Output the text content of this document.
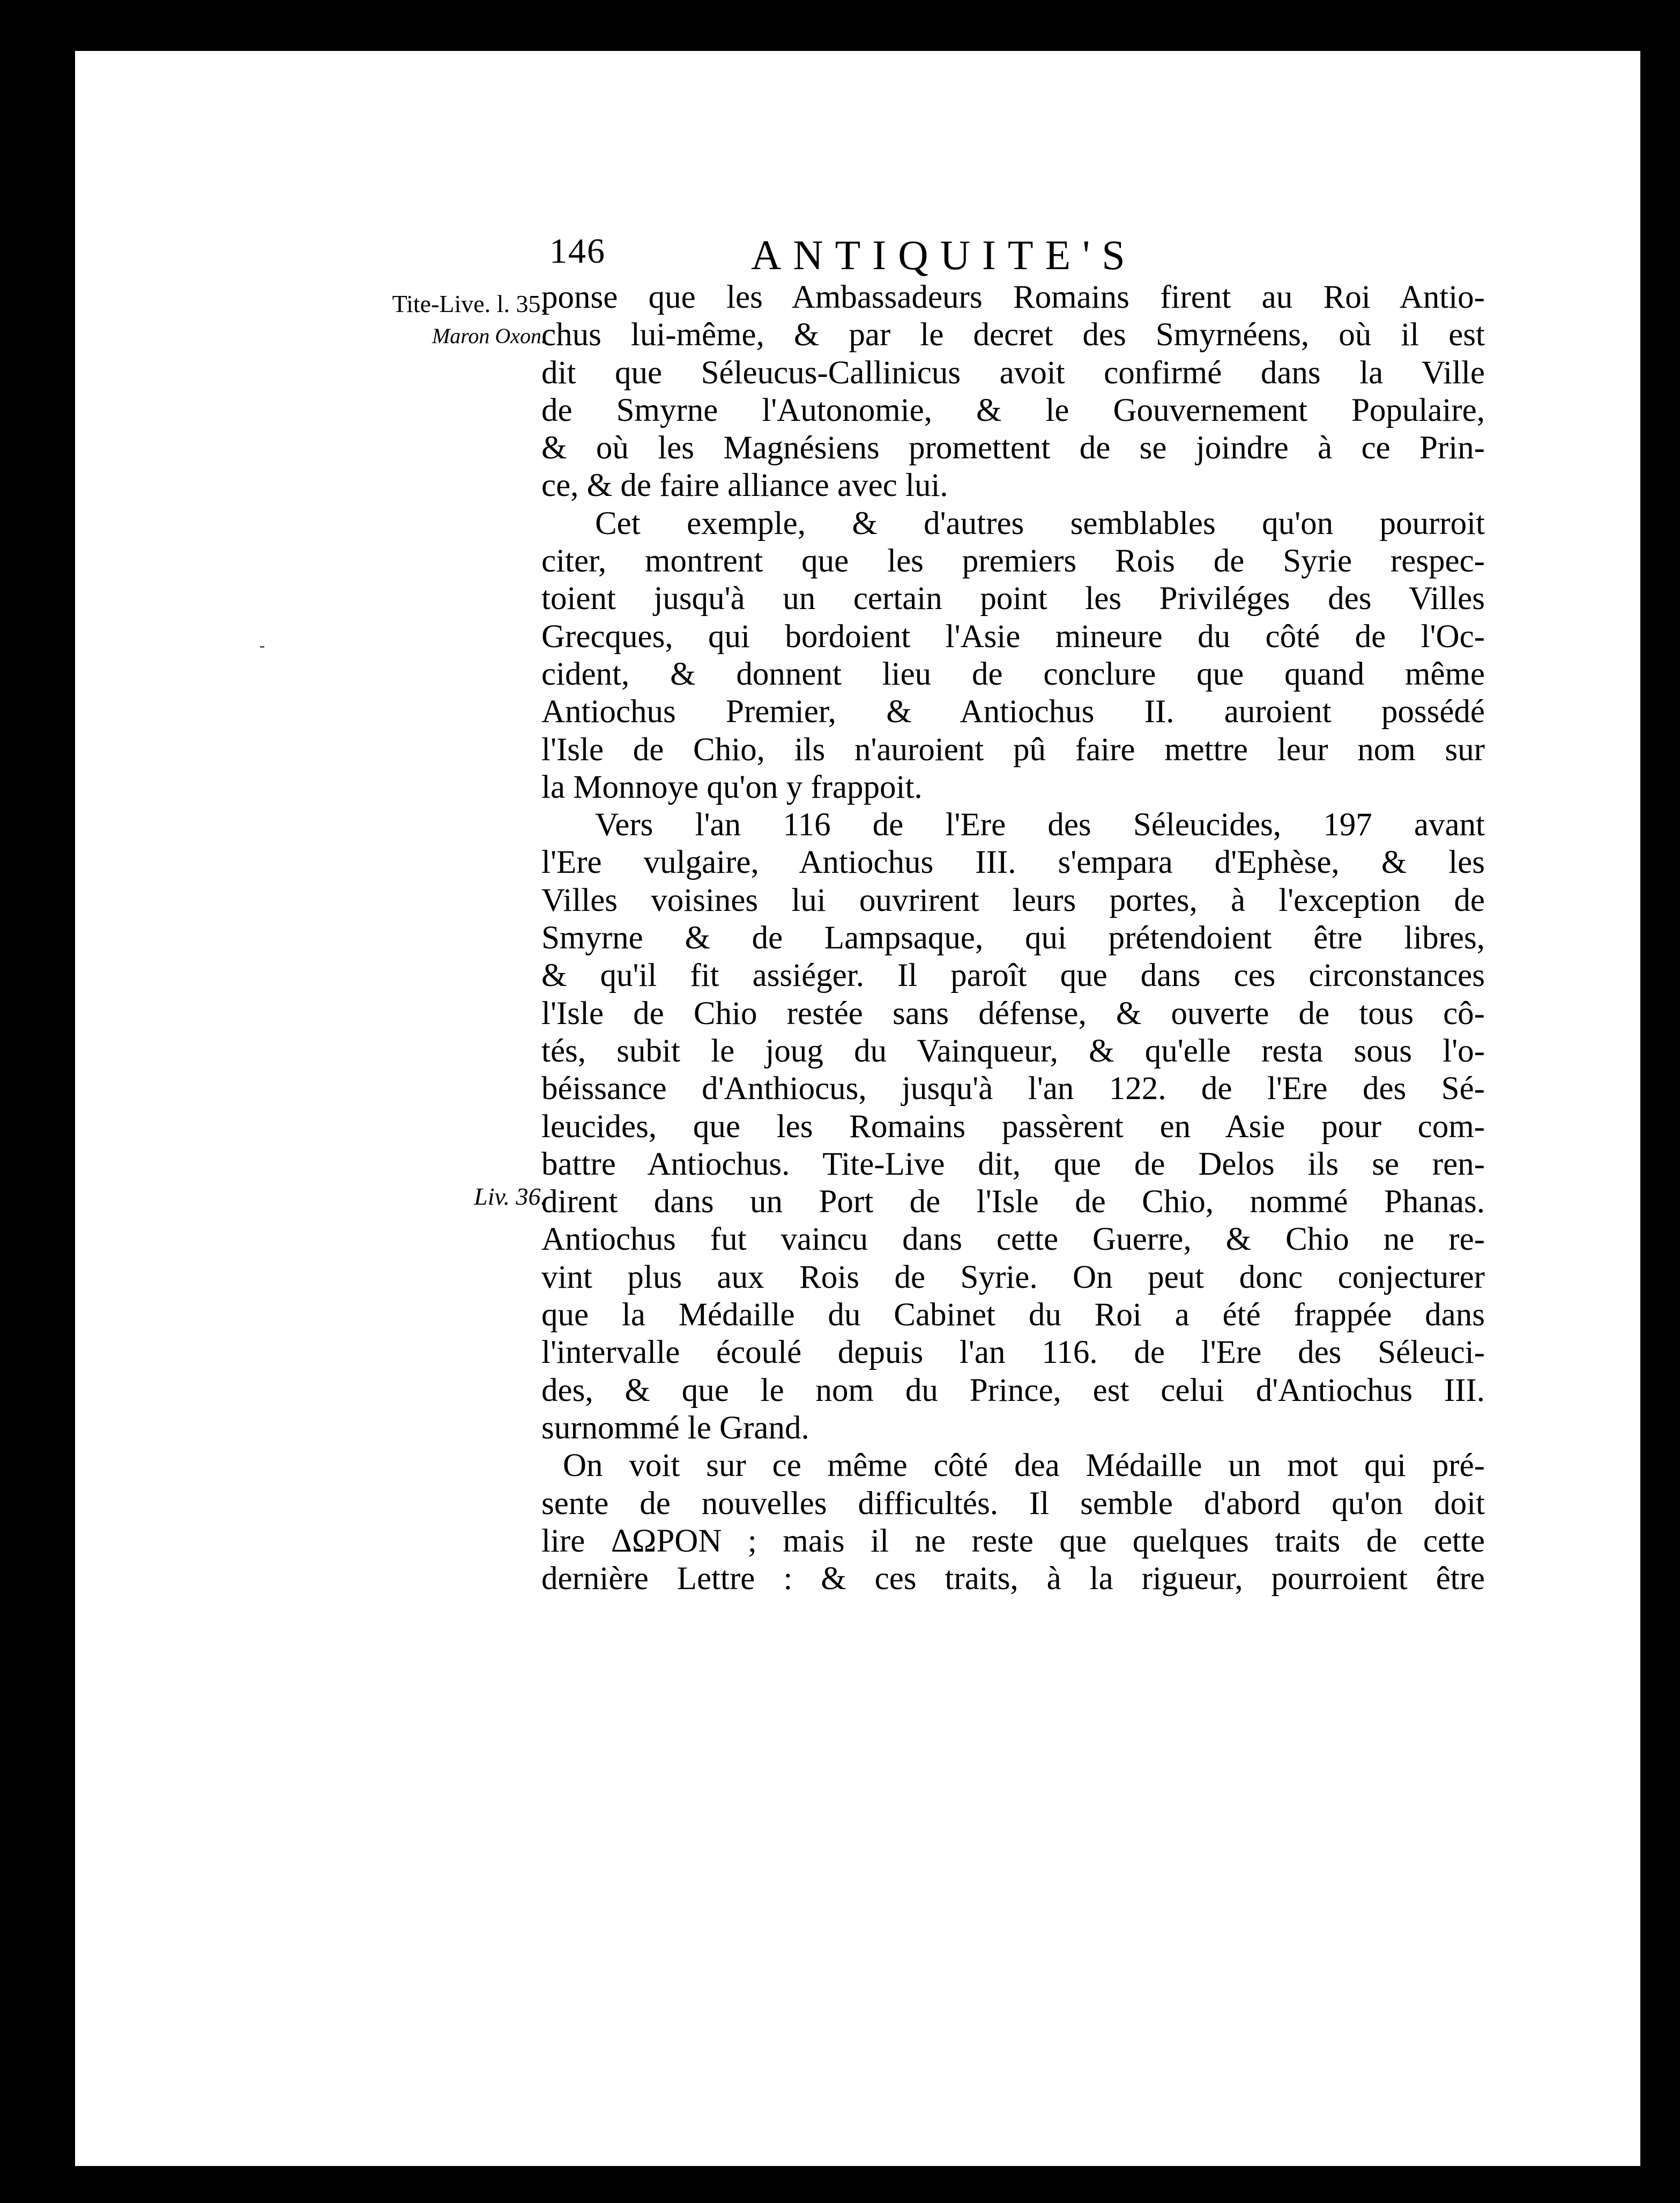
146	ANTIQUITE'S
Tite-Live. l. 35.
Maron Oxon.
Liv. 36.
ponse que les Ambassadeurs Romains firent au Roi Antio-
chus lui-même, & par le decret des Smyrnéens, où il est
dit que Séleucus-Callinicus avoit confirmé dans la Ville
de Smyrne l'Autonomie, & le Gouvernement Populaire,
& où les Magnésiens promettent de se joindre à ce Prin-
ce, & de faire alliance avec lui.
Cet exemple, & d'autres semblables qu'on pourroit
citer, montrent que les premiers Rois de Syrie respec-
toient jusqu'à un certain point les Priviléges des Villes
Grecques, qui bordoient l'Asie mineure du côté de l'Oc-
cident, & donnent lieu de conclure que quand même
Antiochus Premier, & Antiochus II. auroient possédé
l'Isle de Chio, ils n'auroient pû faire mettre leur nom sur
la Monnoye qu'on y frappoit.
Vers l'an 116 de l'Ere des Séleucides, 197 avant
l'Ere vulgaire, Antiochus III. s'empara d'Ephèse, & les
Villes voisines lui ouvrirent leurs portes, à l'exception de
Smyrne & de Lampsaque, qui prétendoient être libres,
& qu'il fit assiéger. Il paroît que dans ces circonstances
l'Isle de Chio restée sans défense, & ouverte de tous cô-
tés, subit le joug du Vainqueur, & qu'elle resta sous l'o-
béissance d'Anthiocus, jusqu'à l'an 122. de l'Ere des Sé-
leucides, que les Romains passèrent en Asie pour com-
battre Antiochus. Tite-Live dit, que de Delos ils se ren-
dirent dans un Port de l'Isle de Chio, nommé Phanas.
Antiochus fut vaincu dans cette Guerre, & Chio ne re-
vint plus aux Rois de Syrie. On peut donc conjecturer
que la Médaille du Cabinet du Roi a été frappée dans
l'intervalle écoulé depuis l'an 116. de l'Ere des Séleuci-
des, & que le nom du Prince, est celui d'Antiochus III.
surnommé le Grand.
On voit sur ce même côté dea Médaille un mot qui pré-
sente de nouvelles difficultés. Il semble d'abord qu'on doit
lire ΔΩΡΟΝ ; mais il ne reste que quelques traits de cette
dernière Lettre : & ces traits, à la rigueur, pourroient être
